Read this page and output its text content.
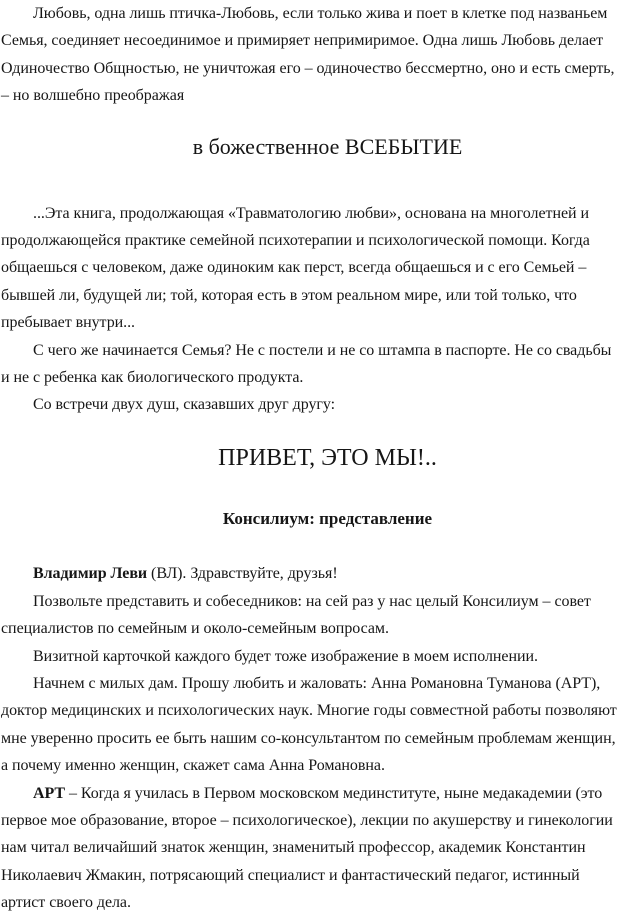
Любовь, одна лишь птичка-Любовь, если только жива и поет в клетке под названьем Семья, соединяет несоединимое и примиряет непримиримое. Одна лишь Любовь делает Одиночество Общностью, не уничтожая его – одиночество бессмертно, оно и есть смерть, – но волшебно преображая

в божественное ВСЕБЫТИЕ

...Эта книга, продолжающая «Травматологию любви», основана на многолетней и продолжающейся практике семейной психотерапии и психологической помощи. Когда общаешься с человеком, даже одиноким как перст, всегда общаешься и с его Семьей – бывшей ли, будущей ли; той, которая есть в этом реальном мире, или той только, что пребывает внутри...

С чего же начинается Семья? Не с постели и не со штампа в паспорте. Не со свадьбы и не с ребенка как биологического продукта.

Со встречи двух душ, сказавших друг другу:

ПРИВЕТ, ЭТО МЫ!..
Консилиум: представление

Владимир Леви (ВЛ). Здравствуйте, друзья!

Позвольте представить и собеседников: на сей раз у нас целый Консилиум – совет специалистов по семейным и около-семейным вопросам.

Визитной карточкой каждого будет тоже изображение в моем исполнении.

Начнем с милых дам. Прошу любить и жаловать: Анна Романовна Туманова (АРТ), доктор медицинских и психологических наук. Многие годы совместной работы позволяют мне уверенно просить ее быть нашим со-консультантом по семейным проблемам женщин, а почему именно женщин, скажет сама Анна Романовна.

АРТ – Когда я училась в Первом московском мединституте, ныне медакадемии (это первое мое образование, второе – психологическое), лекции по акушерству и гинекологии нам читал величайший знаток женщин, знаменитый профессор, академик Константин Николаевич Жмакин, потрясающий специалист и фантастический педагог, истинный артист своего дела.
